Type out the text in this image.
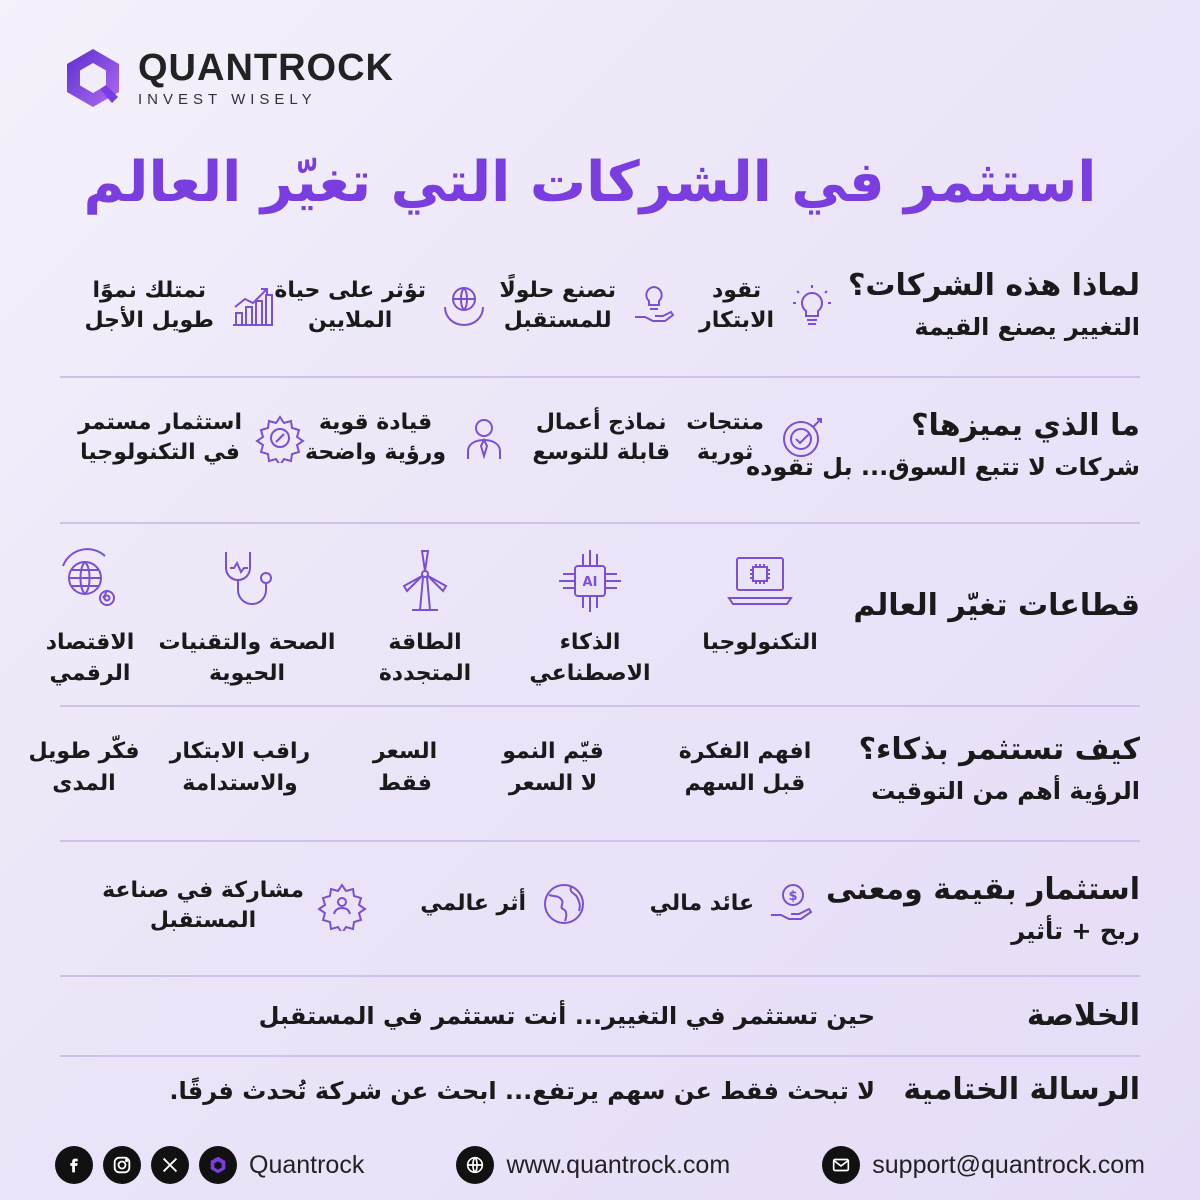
QUANTROCK
INVEST WISELY
استثمر في الشركات التي تغيّر العالم
لماذا هذه الشركات؟
التغيير يصنع القيمة
تقود
الابتكار
تصنع حلولًا
للمستقبل
تؤثر على حياة
الملايين
تمتلك نموًا
طويل الأجل
ما الذي يميزها؟
شركات لا تتبع السوق... بل تقوده
منتجات
ثورية
نماذج أعمال
قابلة للتوسع
قيادة قوية
ورؤية واضحة
استثمار مستمر
في التكنولوجيا
قطاعات تغيّر العالم
التكنولوجيا
AI
الذكاء
الاصطناعي
الطاقة
المتجددة
الصحة والتقنيات
الحيوية
الاقتصاد
الرقمي
كيف تستثمر بذكاء؟
الرؤية أهم من التوقيت
افهم الفكرة
قبل السهم
قيّم النمو
لا السعر
السعر
فقط
راقب الابتكار
والاستدامة
فكّر طويل
المدى
استثمار بقيمة ومعنى
ربح + تأثير
$
عائد مالي
أثر عالمي
مشاركة في صناعة
المستقبل
الخلاصة
حين تستثمر في التغيير... أنت تستثمر في المستقبل
الرسالة الختامية
لا تبحث فقط عن سهم يرتفع... ابحث عن شركة تُحدث فرقًا.
Quantrock	www.quantrock.com	support@quantrock.com
